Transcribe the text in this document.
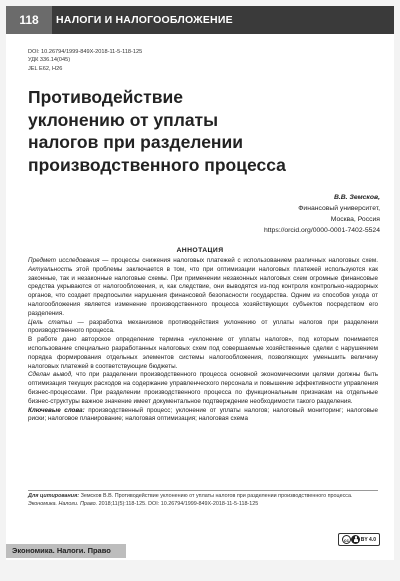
118	НАЛОГИ И НАЛОГООБЛОЖЕНИЕ
DOI: 10.26794/1999-849X-2018-11-5-118-125
УДК 336.14(045)
JEL E62, H26
Противодействие
уклонению от уплаты
налогов при разделении
производственного процесса
В.В. Земсков,
Финансовый университет,
Москва, Россия
https://orcid.org/0000-0001-7402-5524
АННОТАЦИЯ

Предмет исследования — процессы снижения налоговых платежей с использованием различных налоговых схем. Актуальность этой проблемы заключается в том, что при оптимизации налоговых платежей используются как законные, так и незаконные налоговые схемы. При применении незаконных налоговых схем огромные финансовые средства укрываются от налогообложения, и, как следствие, они выводятся из-под контроля контрольно-надзорных органов, что создает предпосылки нарушения финансовой безопасности государства. Одним из способов ухода от налогообложения является изменение производственного процесса хозяйствующих субъектов посредством его разделения.

Цель статьи — разработка механизмов противодействия уклонению от уплаты налогов при разделении производственного процесса.

В работе дано авторское определение термина «уклонение от уплаты налогов», под которым понимается использование специально разработанных налоговых схем под совершаемые хозяйственные сделки с нарушением порядка формирования отдельных элементов системы налогообложения, позволяющих уменьшить величину налоговых платежей в соответствующие бюджеты.

Сделан вывод, что при разделении производственного процесса основной экономическими целями должны быть оптимизация текущих расходов на содержание управленческого персонала и повышение эффективности управления бизнес-процессами. При разделении производственного процесса по функциональным признакам на отдельные бизнес-структуры важное значение имеет документальное подтверждение необходимости такого разделения.

Ключевые слова: производственный процесс; уклонение от уплаты налогов; налоговый мониторинг; налоговые риски; налоговое планирование; налоговая оптимизация; налоговая схема

Для цитирования: Земсков В.В. Противодействие уклонению от уплаты налогов при разделении производственного процесса. Экономика. Налоги. Право. 2018;11(5):118-125. DOI: 10.26794/1999-849X-2018-11-5-118-125
cc	BY 4.0
Экономика. Налоги. Право
